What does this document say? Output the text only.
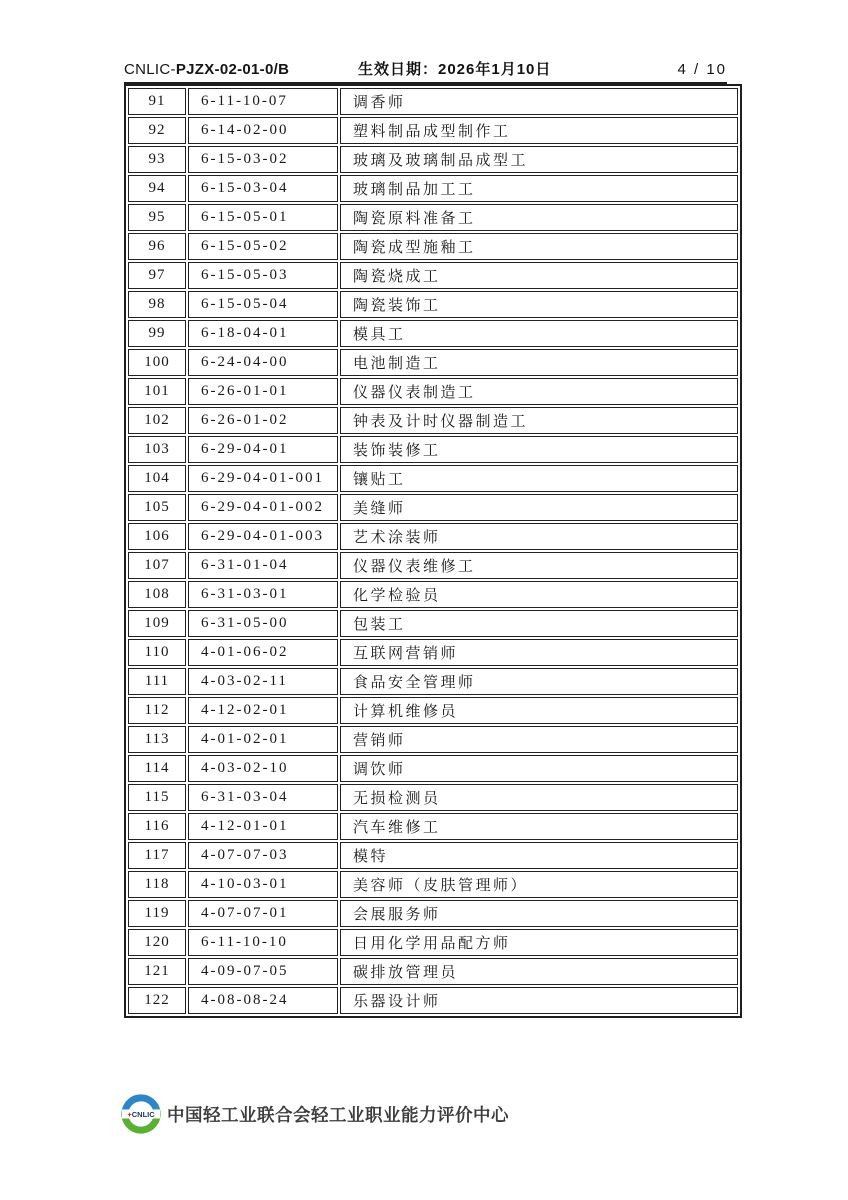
CNLIC-PJZX-02-01-0/B	生效日期：2026年1月10日	4 / 10
91	6-11-10-07	调香师
92	6-14-02-00	塑料制品成型制作工
93	6-15-03-02	玻璃及玻璃制品成型工
94	6-15-03-04	玻璃制品加工工
95	6-15-05-01	陶瓷原料准备工
96	6-15-05-02	陶瓷成型施釉工
97	6-15-05-03	陶瓷烧成工
98	6-15-05-04	陶瓷装饰工
99	6-18-04-01	模具工
100	6-24-04-00	电池制造工
101	6-26-01-01	仪器仪表制造工
102	6-26-01-02	钟表及计时仪器制造工
103	6-29-04-01	装饰装修工
104	6-29-04-01-001	镶贴工
105	6-29-04-01-002	美缝师
106	6-29-04-01-003	艺术涂装师
107	6-31-01-04	仪器仪表维修工
108	6-31-03-01	化学检验员
109	6-31-05-00	包装工
110	4-01-06-02	互联网营销师
111	4-03-02-11	食品安全管理师
112	4-12-02-01	计算机维修员
113	4-01-02-01	营销师
114	4-03-02-10	调饮师
115	6-31-03-04	无损检测员
116	4-12-01-01	汽车维修工
117	4-07-07-03	模特
118	4-10-03-01	美容师（皮肤管理师）
119	4-07-07-01	会展服务师
120	6-11-10-10	日用化学用品配方师
121	4-09-07-05	碳排放管理员
122	4-08-08-24	乐器设计师
+CNLIC 中国轻工业联合会轻工业职业能力评价中心
